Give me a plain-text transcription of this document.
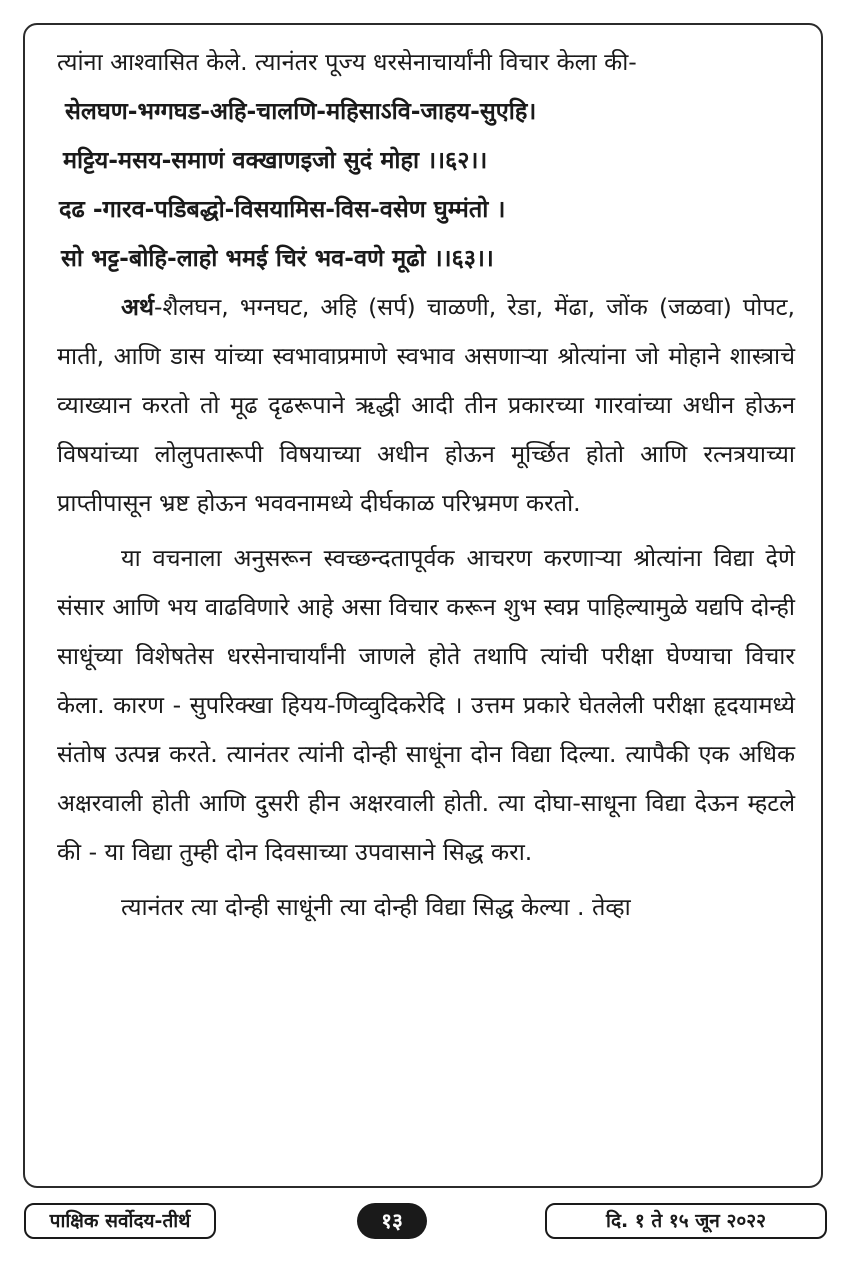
त्यांना आश्वासित केले. त्यानंतर पूज्य धरसेनाचार्यांनी विचार केला की-
सेलघण-भग्गघड-अहि-चालणि-महिसाऽवि-जाहय-सुएहि।
मट्टिय-मसय-समाणं वक्खाणइजो सुदं मोहा ।।६२।।
दढ -गारव-पडिबद्धो-विसयामिस-विस-वसेण घुम्मंतो ।
सो भट्ट-बोहि-लाहो भमई चिरं भव-वणे मूढो ।।६३।।

अर्थ-शैलघन, भग्नघट, अहि (सर्प) चाळणी, रेडा, मेंढा, जोंक (जळवा) पोपट, माती, आणि डास यांच्या स्वभावाप्रमाणे स्वभाव असणाऱ्या श्रोत्यांना जो मोहाने शास्त्राचे व्याख्यान करतो तो मूढ दृढरूपाने ऋद्धी आदी तीन प्रकारच्या गारवांच्या अधीन होऊन विषयांच्या लोलुपतारूपी विषयाच्या अधीन होऊन मूर्च्छित होतो आणि रत्नत्रयाच्या प्राप्तीपासून भ्रष्ट होऊन भववनामध्ये दीर्घकाळ परिभ्रमण करतो.

या वचनाला अनुसरून स्वच्छन्दतापूर्वक आचरण करणाऱ्या श्रोत्यांना विद्या देणे संसार आणि भय वाढविणारे आहे असा विचार करून शुभ स्वप्न पाहिल्यामुळे यद्यपि दोन्ही साधूंच्या विशेषतेस धरसेनाचार्यांनी जाणले होते तथापि त्यांची परीक्षा घेण्याचा विचार केला. कारण - सुपरिक्खा हियय-णिव्वुदिकरेदि । उत्तम प्रकारे घेतलेली परीक्षा हृदयामध्ये संतोष उत्पन्न करते. त्यानंतर त्यांनी दोन्ही साधूंना दोन विद्या दिल्या. त्यापैकी एक अधिक अक्षरवाली होती आणि दुसरी हीन अक्षरवाली होती. त्या दोघा-साधूना विद्या देऊन म्हटले की - या विद्या तुम्ही दोन दिवसाच्या उपवासाने सिद्ध करा.

त्यानंतर त्या दोन्ही साधूंनी त्या दोन्ही विद्या सिद्ध केल्या . तेव्हा

पाक्षिक सर्वोदय-तीर्थ	१३	दि. १ ते १५ जून २०२२
